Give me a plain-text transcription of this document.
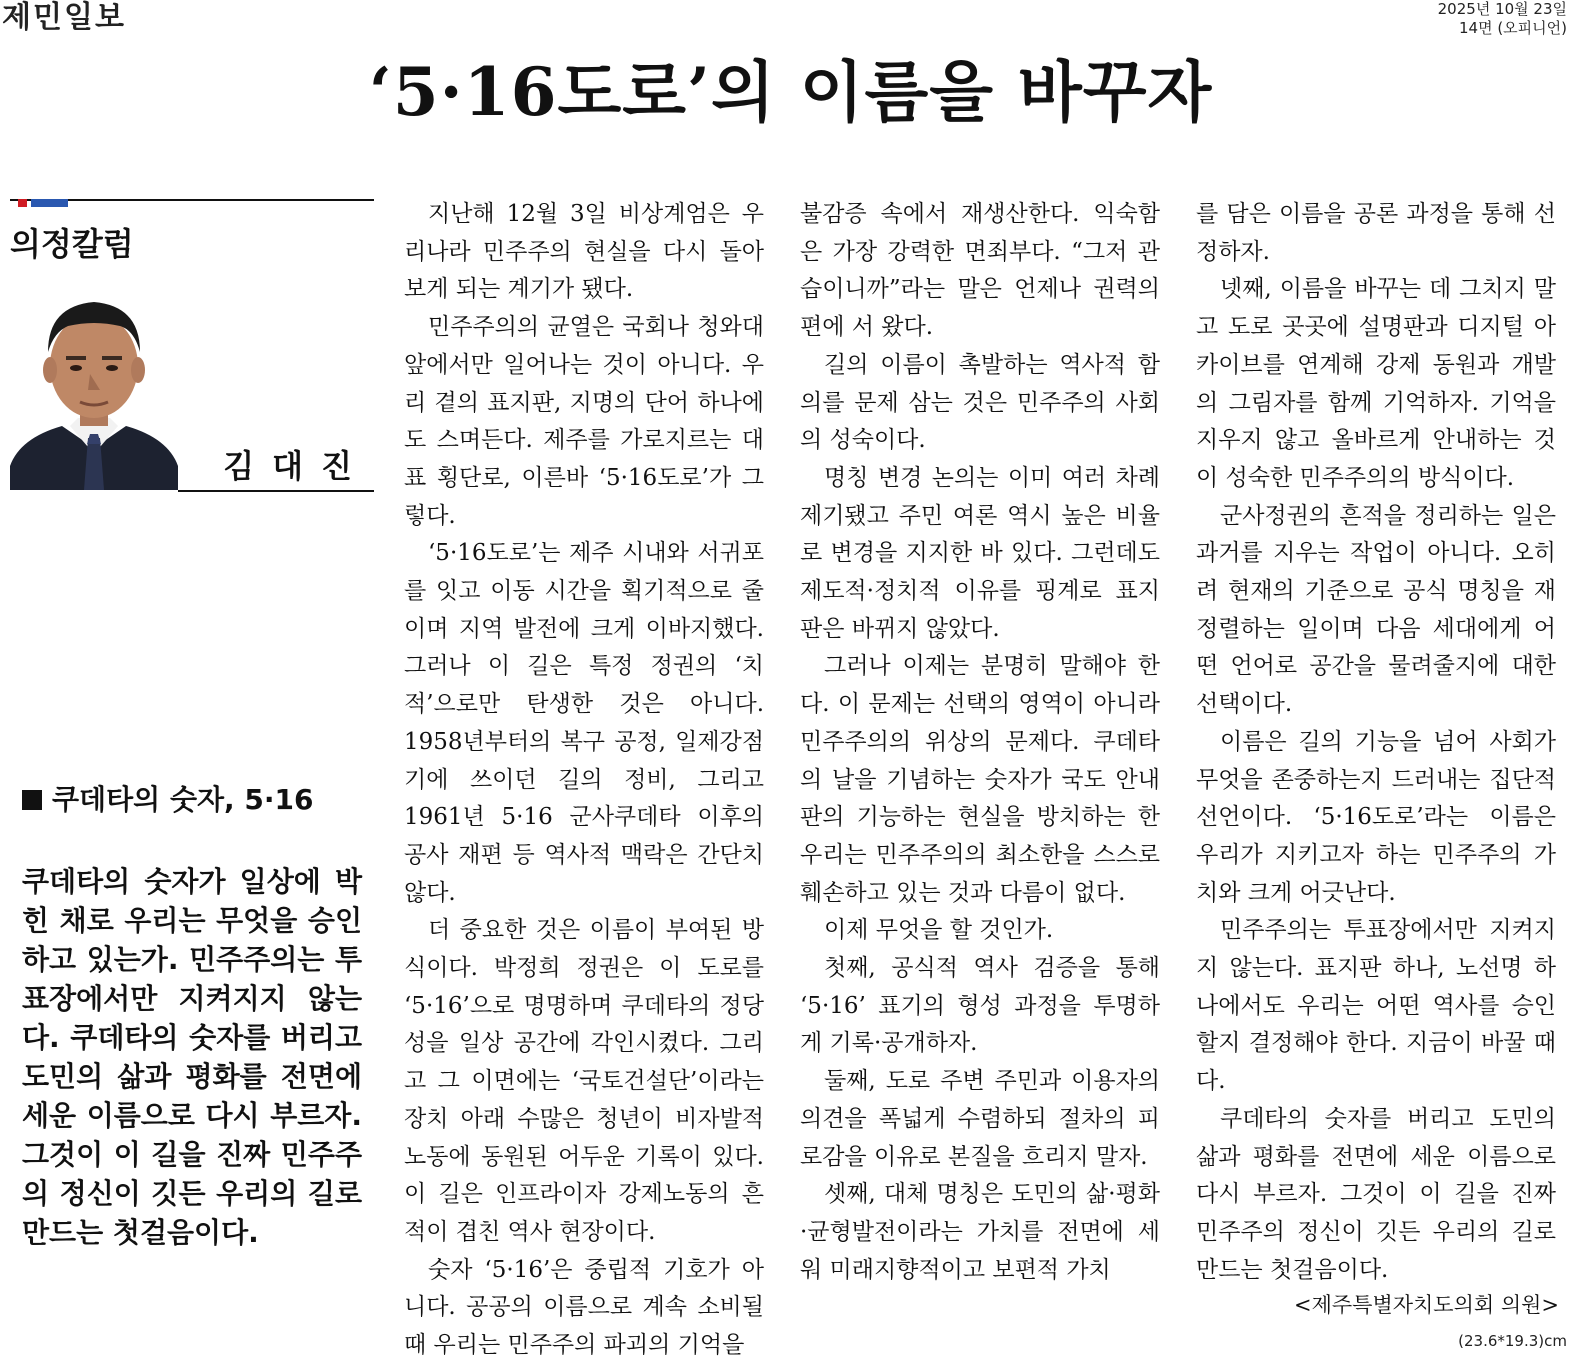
제민일보	2025년 10월 23일
14면 (오피니언)
‘5·16도로’의 이름을 바꾸자
의정칼럼
김대진
쿠데타의 숫자, 5·16

쿠데타의 숫자가 일상에 박힌 채로 우리는 무엇을 승인하고 있는가. 민주주의는 투표장에서만 지켜지지 않는다. 쿠데타의 숫자를 버리고 도민의 삶과 평화를 전면에 세운 이름으로 다시 부르자. 그것이 이 길을 진짜 민주주의 정신이 깃든 우리의 길로 만드는 첫걸음이다.

지난해 12월 3일 비상계엄은 우리나라 민주주의 현실을 다시 돌아보게 되는 계기가 됐다.

민주주의의 균열은 국회나 청와대 앞에서만 일어나는 것이 아니다. 우리 곁의 표지판, 지명의 단어 하나에도 스며든다. 제주를 가로지르는 대표 횡단로, 이른바 ‘5·16도로’가 그렇다.

‘5·16도로’는 제주 시내와 서귀포를 잇고 이동 시간을 획기적으로 줄이며 지역 발전에 크게 이바지했다. 그러나 이 길은 특정 정권의 ‘치적’으로만 탄생한 것은 아니다. 1958년부터의 복구 공정, 일제강점기에 쓰이던 길의 정비, 그리고 1961년 5·16 군사쿠데타 이후의 공사 재편 등 역사적 맥락은 간단치 않다.

더 중요한 것은 이름이 부여된 방식이다. 박정희 정권은 이 도로를 ‘5·16’으로 명명하며 쿠데타의 정당성을 일상 공간에 각인시켰다. 그리고 그 이면에는 ‘국토건설단’이라는 장치 아래 수많은 청년이 비자발적 노동에 동원된 어두운 기록이 있다. 이 길은 인프라이자 강제노동의 흔적이 겹친 역사 현장이다.

숫자 ‘5·16’은 중립적 기호가 아니다. 공공의 이름으로 계속 소비될 때 우리는 민주주의 파괴의 기억을

불감증 속에서 재생산한다. 익숙함은 가장 강력한 면죄부다. “그저 관습이니까”라는 말은 언제나 권력의 편에 서 왔다.

길의 이름이 촉발하는 역사적 함의를 문제 삼는 것은 민주주의 사회의 성숙이다.

명칭 변경 논의는 이미 여러 차례 제기됐고 주민 여론 역시 높은 비율로 변경을 지지한 바 있다. 그런데도 제도적·정치적 이유를 핑계로 표지판은 바뀌지 않았다.

그러나 이제는 분명히 말해야 한다. 이 문제는 선택의 영역이 아니라 민주주의의 위상의 문제다. 쿠데타의 날을 기념하는 숫자가 국도 안내판의 기능하는 현실을 방치하는 한 우리는 민주주의의 최소한을 스스로 훼손하고 있는 것과 다름이 없다.

이제 무엇을 할 것인가.

첫째, 공식적 역사 검증을 통해 ‘5·16’ 표기의 형성 과정을 투명하게 기록·공개하자.

둘째, 도로 주변 주민과 이용자의 의견을 폭넓게 수렴하되 절차의 피로감을 이유로 본질을 흐리지 말자.

셋째, 대체 명칭은 도민의 삶·평화·균형발전이라는 가치를 전면에 세워 미래지향적이고 보편적 가치

를 담은 이름을 공론 과정을 통해 선정하자.

넷째, 이름을 바꾸는 데 그치지 말고 도로 곳곳에 설명판과 디지털 아카이브를 연계해 강제 동원과 개발의 그림자를 함께 기억하자. 기억을 지우지 않고 올바르게 안내하는 것이 성숙한 민주주의의 방식이다.

군사정권의 흔적을 정리하는 일은 과거를 지우는 작업이 아니다. 오히려 현재의 기준으로 공식 명칭을 재정렬하는 일이며 다음 세대에게 어떤 언어로 공간을 물려줄지에 대한 선택이다.

이름은 길의 기능을 넘어 사회가 무엇을 존중하는지 드러내는 집단적 선언이다. ‘5·16도로’라는 이름은 우리가 지키고자 하는 민주주의 가치와 크게 어긋난다.

민주주의는 투표장에서만 지켜지지 않는다. 표지판 하나, 노선명 하나에서도 우리는 어떤 역사를 승인할지 결정해야 한다. 지금이 바꿀 때다.

쿠데타의 숫자를 버리고 도민의 삶과 평화를 전면에 세운 이름으로 다시 부르자. 그것이 이 길을 진짜 민주주의 정신이 깃든 우리의 길로 만드는 첫걸음이다.

<제주특별자치도의회 의원>
(23.6*19.3)cm
